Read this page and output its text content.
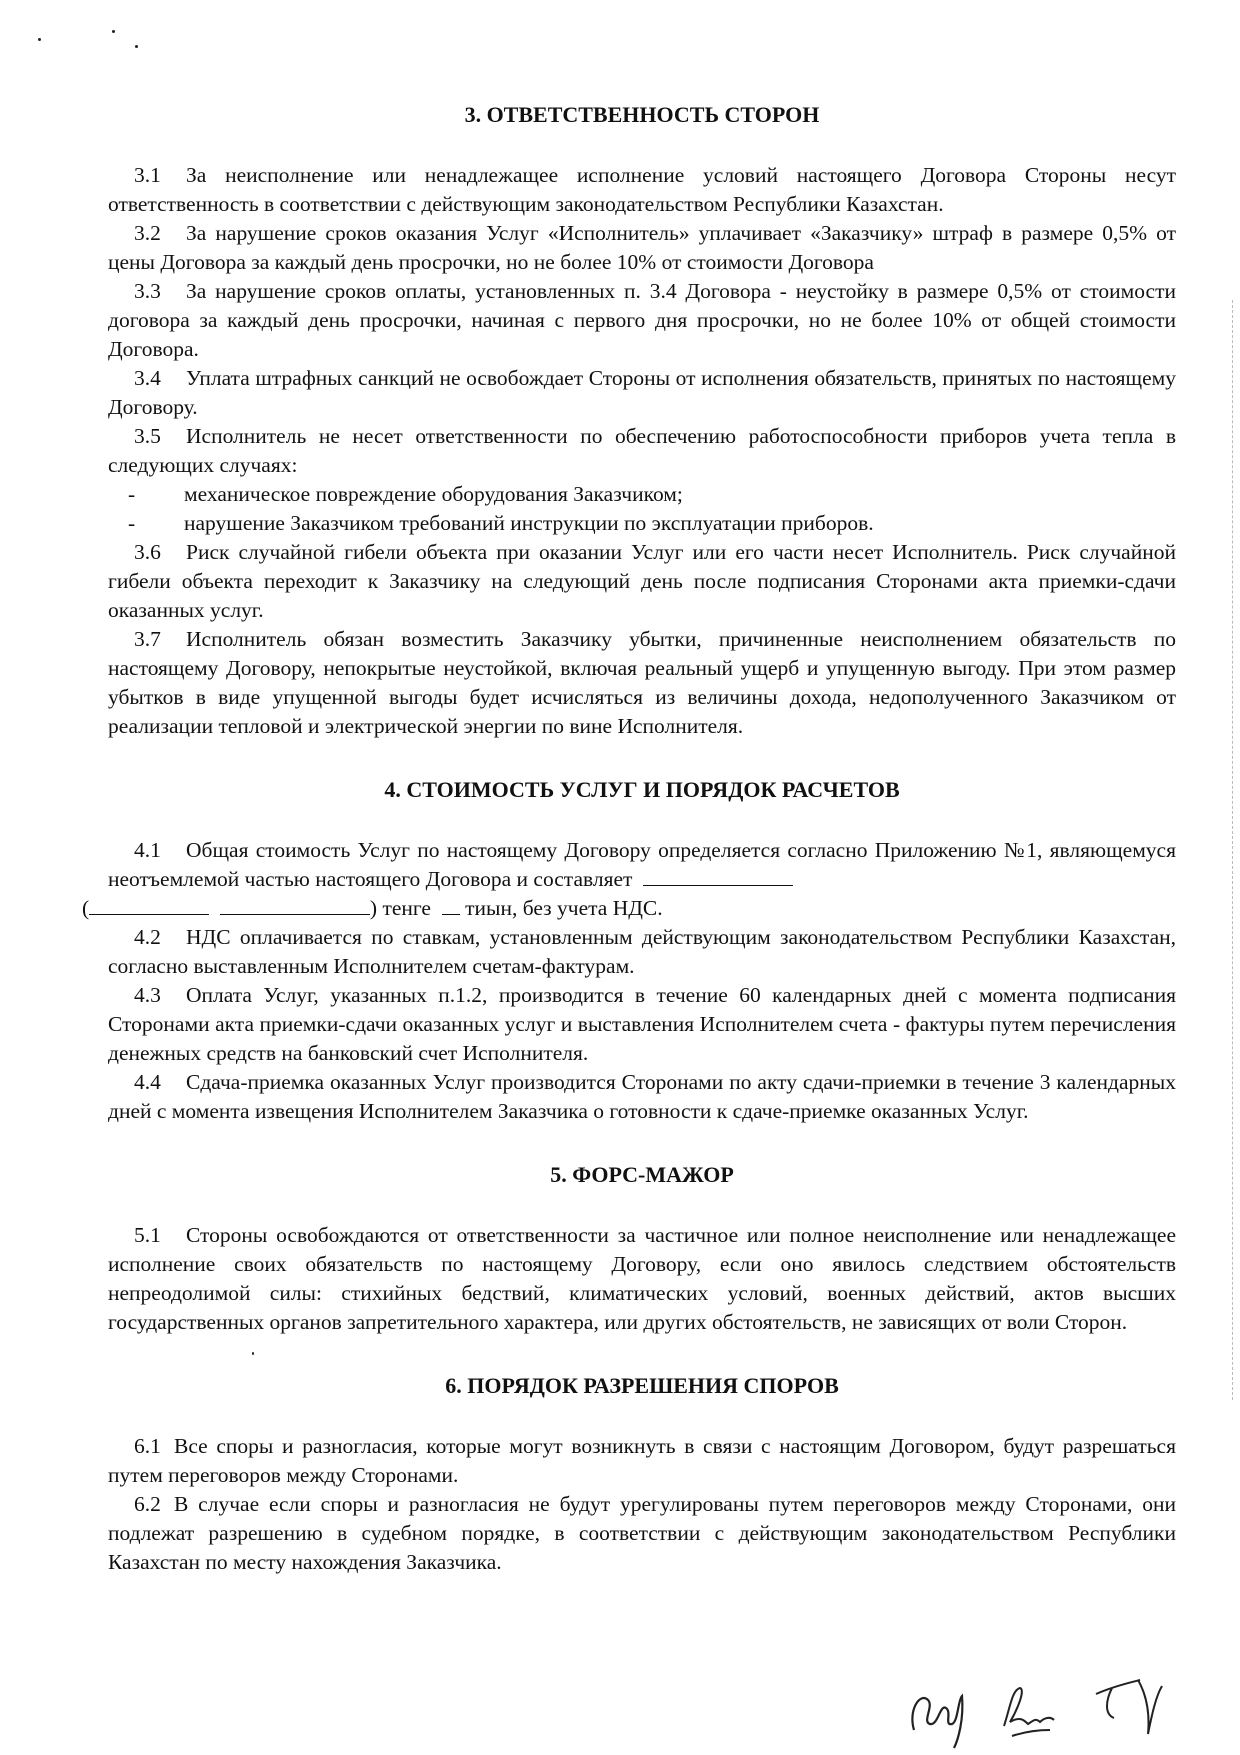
3. ОТВЕТСТВЕННОСТЬ СТОРОН

3.1 За неисполнение или ненадлежащее исполнение условий настоящего Договора Стороны несут ответственность в соответствии с действующим законодательством Республики Казахстан.

3.2 За нарушение сроков оказания Услуг «Исполнитель» уплачивает «Заказчику» штраф в размере 0,5% от цены Договора за каждый день просрочки, но не более 10% от стоимости Договора

3.3 За нарушение сроков оплаты, установленных п. 3.4 Договора - неустойку в размере 0,5% от стоимости договора за каждый день просрочки, начиная с первого дня просрочки, но не более 10% от общей стоимости Договора.

3.4 Уплата штрафных санкций не освобождает Стороны от исполнения обязательств, принятых по настоящему Договору.

3.5 Исполнитель не несет ответственности по обеспечению работоспособности приборов учета тепла в следующих случаях:

- механическое повреждение оборудования Заказчиком;

- нарушение Заказчиком требований инструкции по эксплуатации приборов.

3.6 Риск случайной гибели объекта при оказании Услуг или его части несет Исполнитель. Риск случайной гибели объекта переходит к Заказчику на следующий день после подписания Сторонами акта приемки-сдачи оказанных услуг.

3.7 Исполнитель обязан возместить Заказчику убытки, причиненные неисполнением обязательств по настоящему Договору, непокрытые неустойкой, включая реальный ущерб и упущенную выгоду. При этом размер убытков в виде упущенной выгоды будет исчисляться из величины дохода, недополученного Заказчиком от реализации тепловой и электрической энергии по вине Исполнителя.

4. СТОИМОСТЬ УСЛУГ И ПОРЯДОК РАСЧЕТОВ

4.1 Общая стоимость Услуг по настоящему Договору определяется согласно Приложению №1, являющемуся неотъемлемой частью настоящего Договора и составляет
(	) тенге тиын, без учета НДС.

4.2 НДС оплачивается по ставкам, установленным действующим законодательством Республики Казахстан, согласно выставленным Исполнителем счетам-фактурам.

4.3 Оплата Услуг, указанных п.1.2, производится в течение 60 календарных дней с момента подписания Сторонами акта приемки-сдачи оказанных услуг и выставления Исполнителем счета - фактуры путем перечисления денежных средств на банковский счет Исполнителя.

4.4 Сдача-приемка оказанных Услуг производится Сторонами по акту сдачи-приемки в течение 3 календарных дней с момента извещения Исполнителем Заказчика о готовности к сдаче-приемке оказанных Услуг.

5. ФОРС-МАЖОР

5.1 Стороны освобождаются от ответственности за частичное или полное неисполнение или ненадлежащее исполнение своих обязательств по настоящему Договору, если оно явилось следствием обстоятельств непреодолимой силы: стихийных бедствий, климатических условий, военных действий, актов высших государственных органов запретительного характера, или других обстоятельств, не зависящих от воли Сторон.

6. ПОРЯДОК РАЗРЕШЕНИЯ СПОРОВ

6.1 Все споры и разногласия, которые могут возникнуть в связи с настоящим Договором, будут разрешаться путем переговоров между Сторонами.

6.2 В случае если споры и разногласия не будут урегулированы путем переговоров между Сторонами, они подлежат разрешению в судебном порядке, в соответствии с действующим законодательством Республики Казахстан по месту нахождения Заказчика.
